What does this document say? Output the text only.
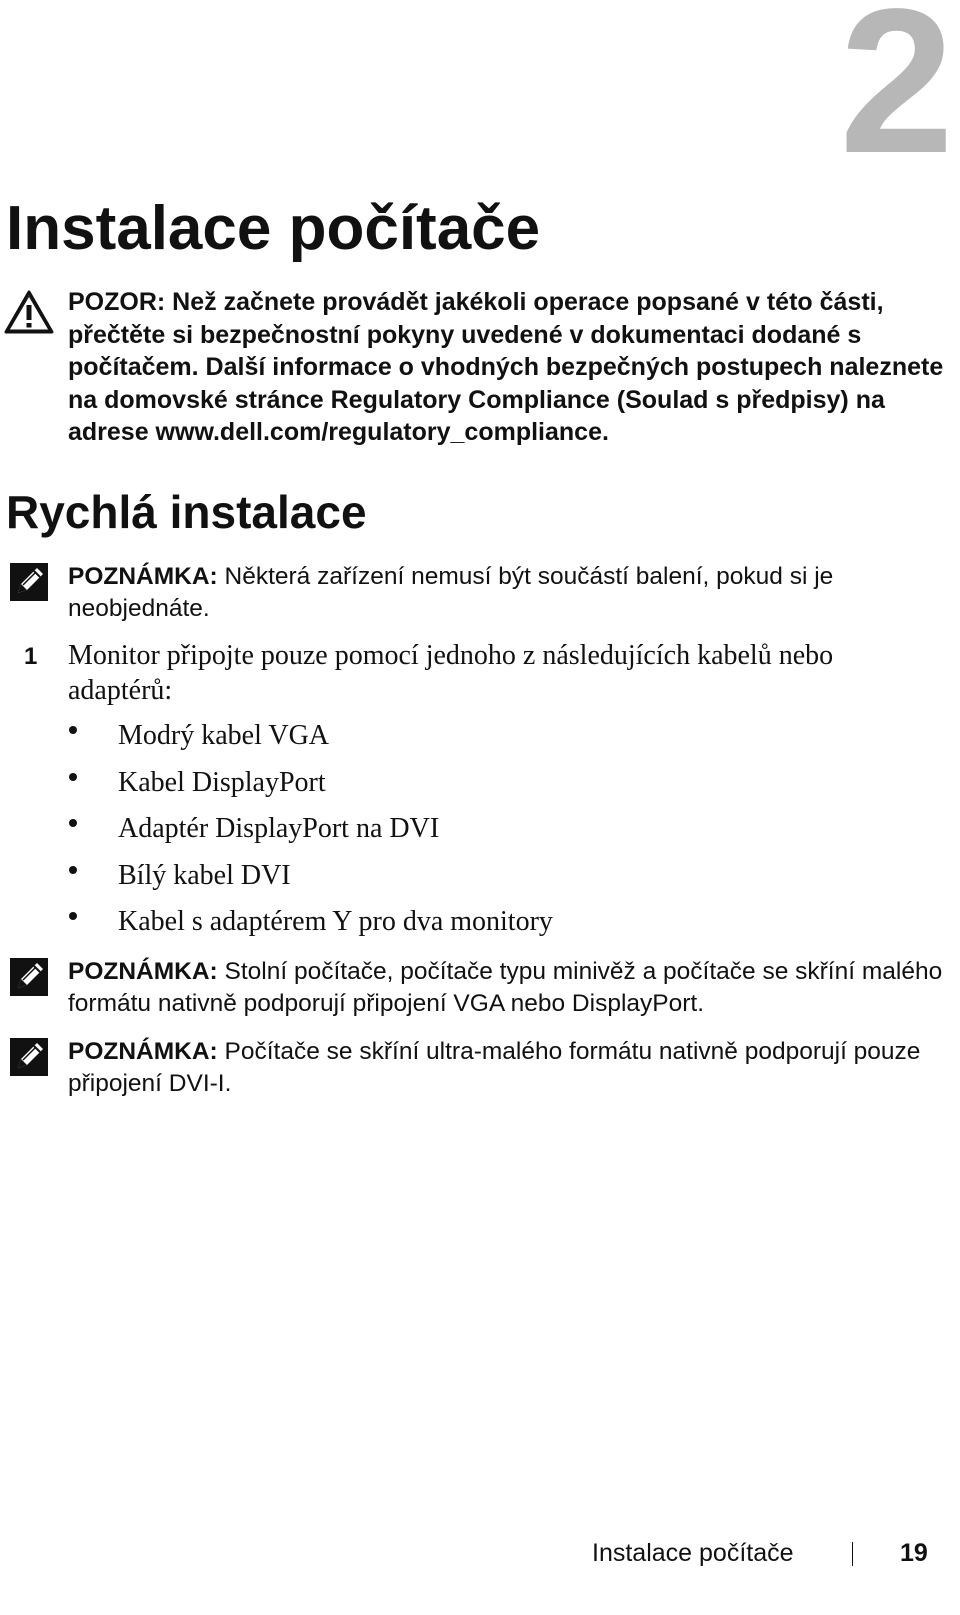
2
Instalace počítače
POZOR: Než začnete provádět jakékoli operace popsané v této části, přečtěte si bezpečnostní pokyny uvedené v dokumentaci dodané s počítačem. Další informace o vhodných bezpečných postupech naleznete na domovské stránce Regulatory Compliance (Soulad s předpisy) na adrese www.dell.com/regulatory_compliance.
Rychlá instalace
POZNÁMKA: Některá zařízení nemusí být součástí balení, pokud si je neobjednáte.
1 Monitor připojte pouze pomocí jednoho z následujících kabelů nebo adaptérů:
Modrý kabel VGA
Kabel DisplayPort
Adaptér DisplayPort na DVI
Bílý kabel DVI
Kabel s adaptérem Y pro dva monitory
POZNÁMKA: Stolní počítače, počítače typu minivěž a počítače se skříní malého formátu nativně podporují připojení VGA nebo DisplayPort.
POZNÁMKA: Počítače se skříní ultra-malého formátu nativně podporují pouze připojení DVI-I.
Instalace počítače	19
